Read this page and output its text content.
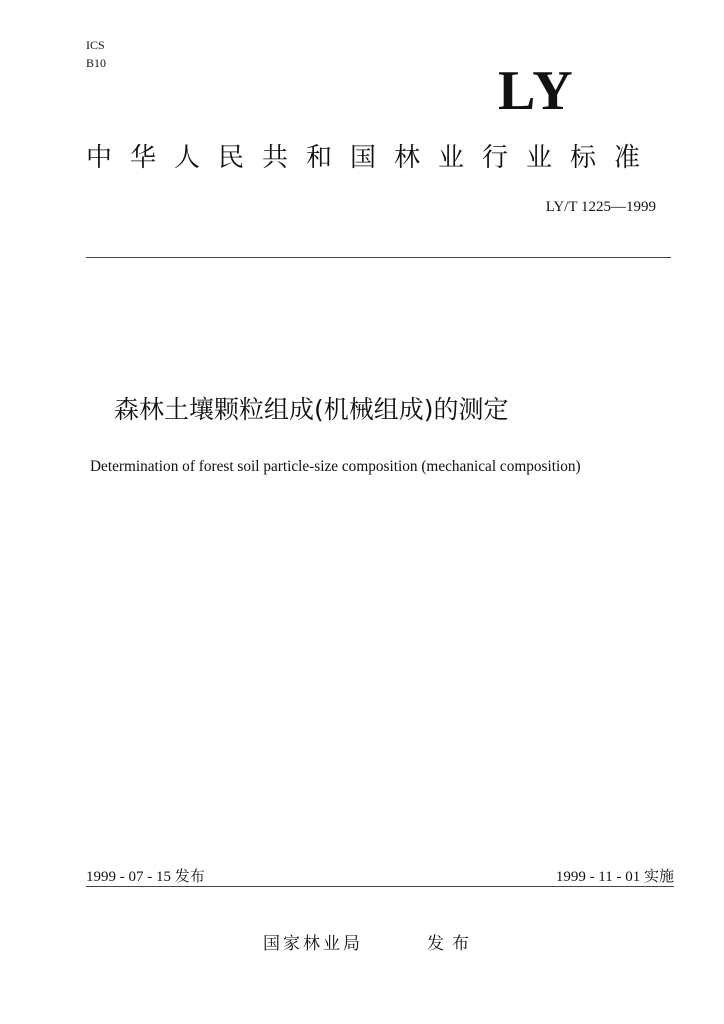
ICS
B10	LY
中华人民共和国林业行业标准
LY/T 1225—1999
森林土壤颗粒组成(机械组成)的测定
Determination of forest soil particle-size composition (mechanical composition)
1999 - 07 - 15 发布	1999 - 11 - 01 实施
国家林业局	发布
